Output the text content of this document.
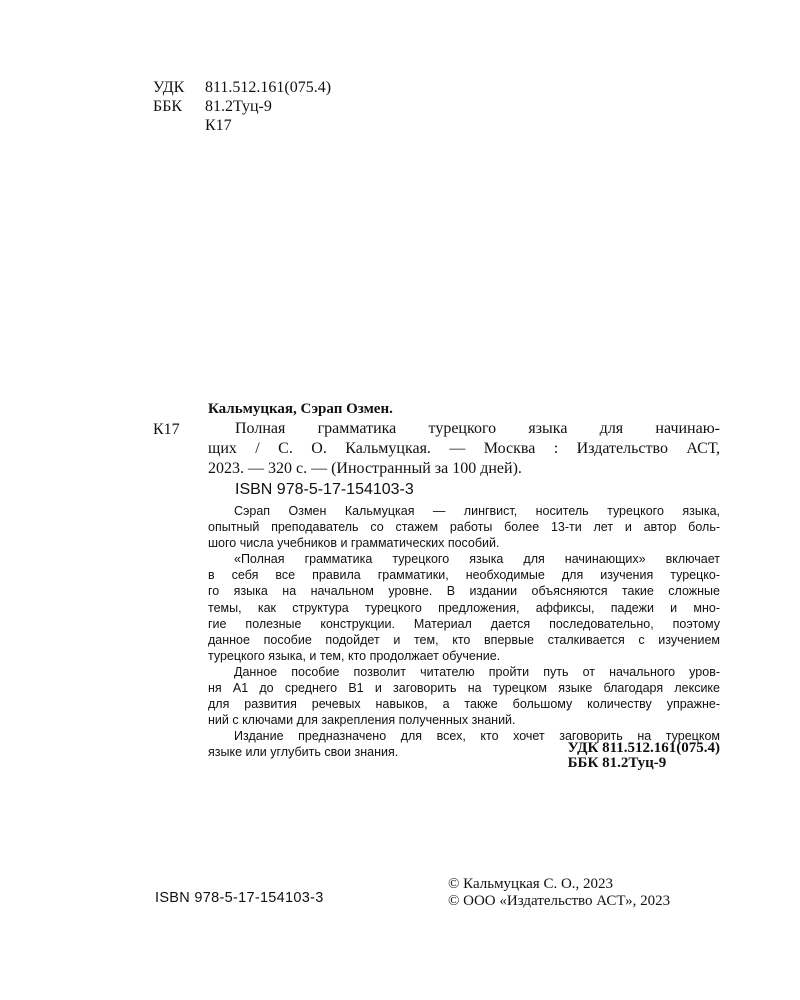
УДК	811.512.161(075.4)
ББК	81.2Туц-9
К17
Кальмуцкая, Сэрап Озмен.
К17	Полная грамматика турецкого языка для начинаю-
щих / С. О. Кальмуцкая. — Москва : Издательство АСТ,
2023. — 320 с. — (Иностранный за 100 дней).
ISBN 978-5-17-154103-3
Сэрап Озмен Кальмуцкая — лингвист, носитель турецкого языка,
опытный преподаватель со стажем работы более 13-ти лет и автор боль-
шого числа учебников и грамматических пособий.
«Полная грамматика турецкого языка для начинающих» включает
в себя все правила грамматики, необходимые для изучения турецко-
го языка на начальном уровне. В издании объясняются такие сложные
темы, как структура турецкого предложения, аффиксы, падежи и мно-
гие полезные конструкции. Материал дается последовательно, поэтому
данное пособие подойдет и тем, кто впервые сталкивается с изучением
турецкого языка, и тем, кто продолжает обучение.
Данное пособие позволит читателю пройти путь от начального уров-
ня А1 до среднего В1 и заговорить на турецком языке благодаря лексике
для развития речевых навыков, а также большому количеству упражне-
ний с ключами для закрепления полученных знаний.
Издание предназначено для всех, кто хочет заговорить на турецком
языке или углубить свои знания.	УДК 811.512.161(075.4)
ББК 81.2Туц-9
ISBN 978-5-17-154103-3
© Кальмуцкая С. О., 2023
© ООО «Издательство АСТ», 2023
